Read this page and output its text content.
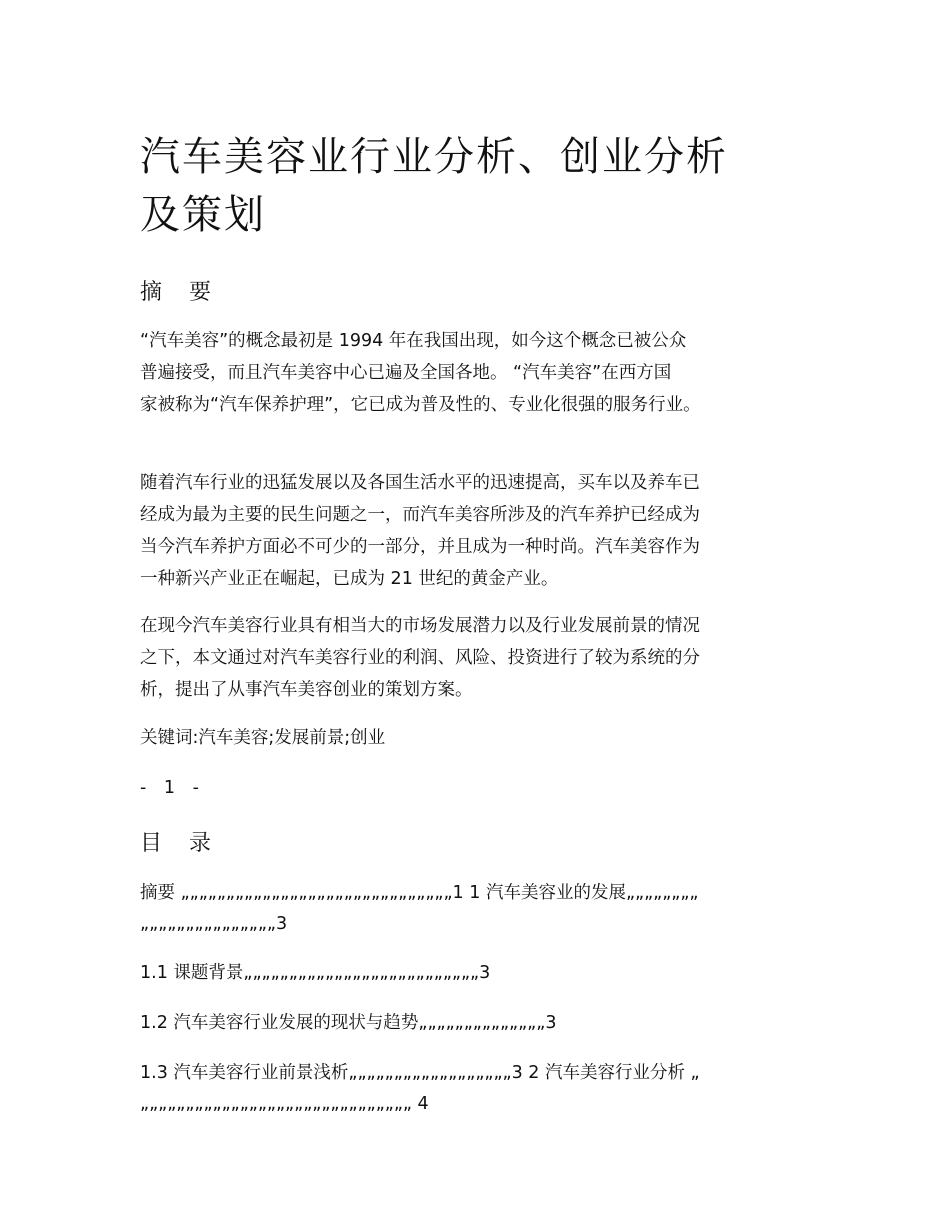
汽车美容业行业分析、创业分析
及策划
摘 要

“汽车美容”的概念最初是 1994 年在我国出现，如今这个概念已被公众
普遍接受，而且汽车美容中心已遍及全国各地。 “汽车美容”在西方国
家被称为“汽车保养护理”，它已成为普及性的、专业化很强的服务行业。

随着汽车行业的迅猛发展以及各国生活水平的迅速提高，买车以及养车已
经成为最为主要的民生问题之一，而汽车美容所涉及的汽车养护已经成为
当今汽车养护方面必不可少的一部分，并且成为一种时尚。汽车美容作为
一种新兴产业正在崛起，已成为 21 世纪的黄金产业。

在现今汽车美容行业具有相当大的市场发展潜力以及行业发展前景的情况
之下，本文通过对汽车美容行业的利润、风险、投资进行了较为系统的分
析，提出了从事汽车美容创业的策划方案。

关键词:汽车美容;发展前景;创业

- 1 -

目 录

摘要 „„„„„„„„„„„„„„„„„„„„„„„„„„„„„„1 1 汽车美容业的发展„„„„„„„„

„„„„„„„„„„„„„„„3

1.1 课题背景„„„„„„„„„„„„„„„„„„„„„„„„„„3

1.2 汽车美容行业发展的现状与趋势„„„„„„„„„„„„„„3

1.3 汽车美容行业前景浅析„„„„„„„„„„„„„„„„„„3 2 汽车美容行业分析 „

„„„„„„„„„„„„„„„„„„„„„„„„„„„„„„ 4
